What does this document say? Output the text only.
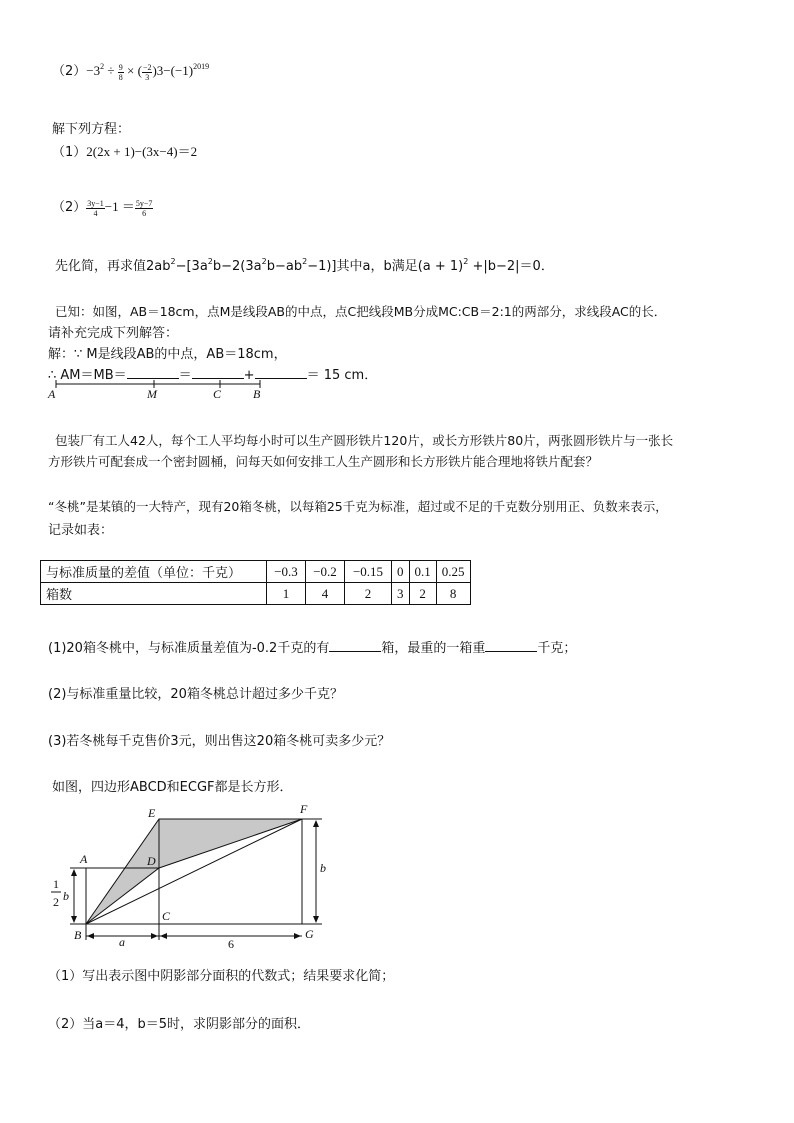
$(2)-3^2 \div \frac{9}{8}$ × ( $\frac{-2}{3} )3-(-1)^{2019}$
解下列方程：
（1）2(2x + 1)−(3x−4)＝2
$(2) \frac{3y-1}{4} -1 = \frac{5y-7}{6}$
先化简，再求值$2ab^2-[3a^2b-2(3a^2b-ab^2-1)]$其中a，b满足$(a + 1)^2 +|b-2|=0$．
已知：如图，AB＝18cm，点M是线段AB的中点，点C把线段MB分成MC:CB＝2:1的两部分，求线段AC的长．
请补充完成下列解答：
解：∵ M是线段AB的中点，AB＝18cm，
∴ AM＝MB＝	＝	+	＝ 15 cm．
A	M	C	B
包装厂有工人42人，每个工人平均每小时可以生产圆形铁片120片，或长方形铁片80片，两张圆形铁片与一张长
方形铁片可配套成一个密封圆桶，问每天如何安排工人生产圆形和长方形铁片能合理地将铁片配套？
“冬桃”是某镇的一大特产，现有20箱冬桃，以每箱25千克为标准，超过或不足的千克数分别用正、负数来表示，
记录如表：
与标准质量的差值（单位：千克）	−0.3	−0.2	−0.15	0	0.1	0.25
箱数	1	4	2	3	2	8
(1)20箱冬桃中，与标准质量差值为-0.2千克的有	箱，最重的一箱重	千克；
(2)与标准重量比较，20箱冬桃总计超过多少千克？
(3)若冬桃每千克售价3元，则出售这20箱冬桃可卖多少元？
如图，四边形ABCD和ECGF都是长方形．
E	F
A	D
B
C
G
b
1
2 b
a	6
（1）写出表示图中阴影部分面积的代数式；结果要求化简；
（2）当a＝4，b＝5时，求阴影部分的面积．
